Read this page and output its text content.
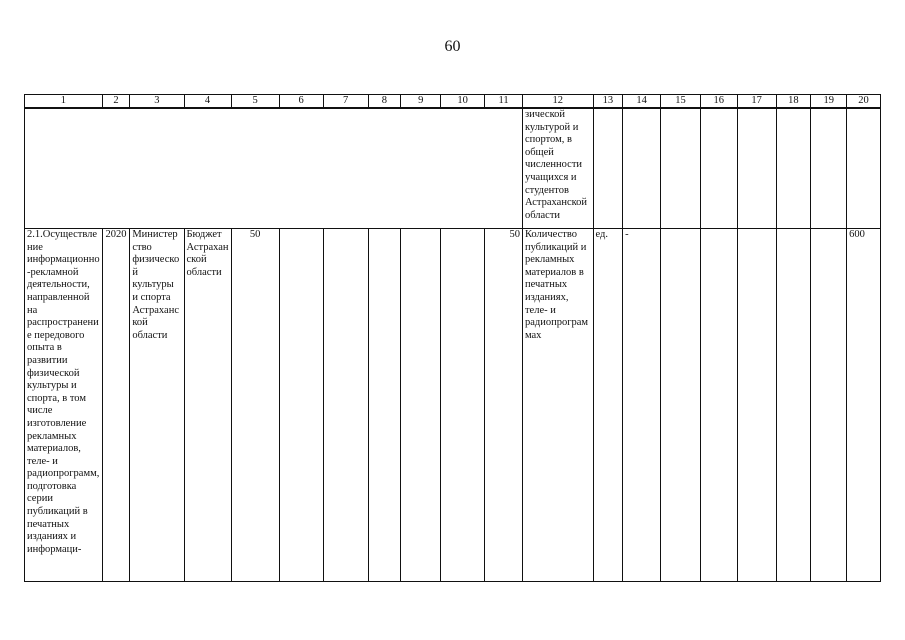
60
1	2	3	4	5	6	7	8	9	10	11	12	13	14	15	16	17	18	19	20
											зической культурой и спортом, в общей численности учащихся и студентов Астраханской области								
2.1.Осуществление информационно-рекламной деятельности, направленной на распространение передового опыта в развитии физической культуры и спорта, в том числе изготовление рекламных материалов, теле- и радиопрограмм, подготовка серии публикаций в печатных изданиях и информаци-	2020	Министерство физической культуры и спорта Астраханской области	Бюджет Астраханской области	50						50	Количество публикаций и рекламных материалов в печатных изданиях, теле- и радиопрограммах	ед.	-						600
